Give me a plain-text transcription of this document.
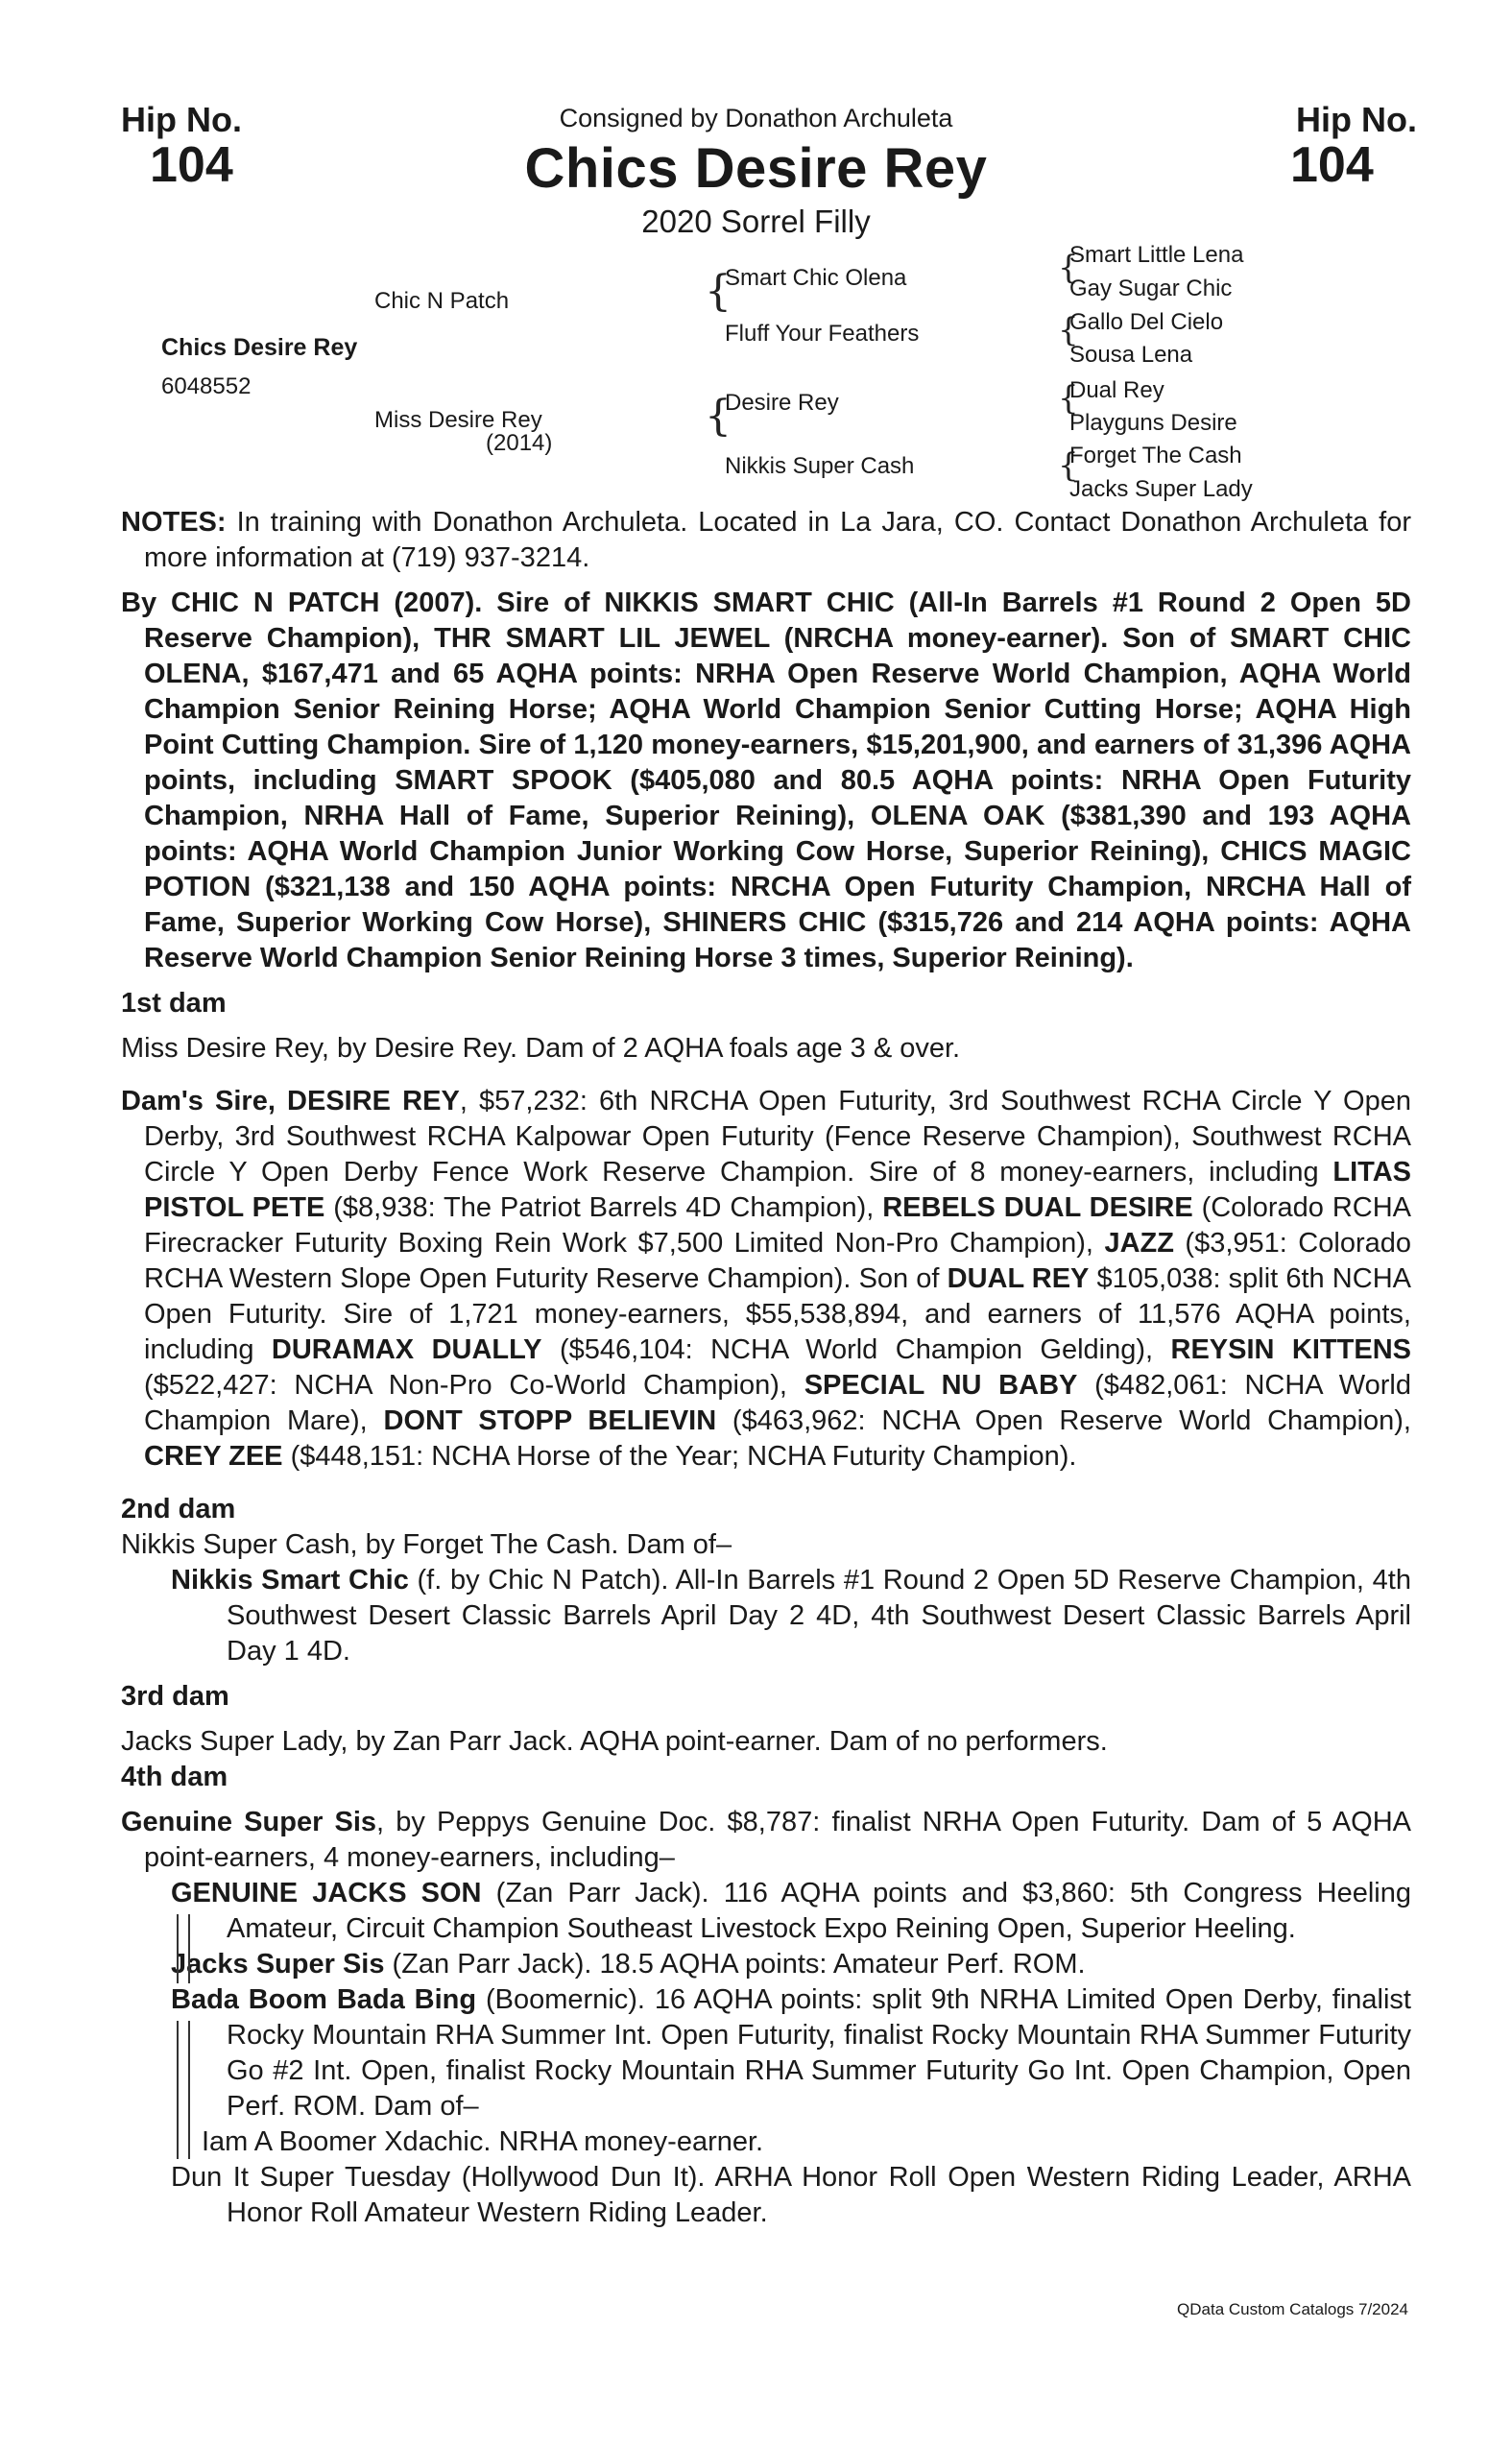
Hip No.
104
Hip No.
104
Consigned by Donathon Archuleta
Chics Desire Rey
2020 Sorrel Filly
Chics Desire Rey
6048552
Chic N Patch
Miss Desire Rey
(2014)
{
Smart Chic Olena
Fluff Your Feathers
{
Desire Rey
Nikkis Super Cash
{
Smart Little Lena
Gay Sugar Chic
{
Gallo Del Cielo
Sousa Lena
{
Dual Rey
Playguns Desire
{
Forget The Cash
Jacks Super Lady

NOTES: In training with Donathon Archuleta. Located in La Jara, CO. Contact Donathon Archuleta for more information at (719) 937-3214.

By CHIC N PATCH (2007). Sire of NIKKIS SMART CHIC (All-In Barrels #1 Round 2 Open 5D Reserve Champion), THR SMART LIL JEWEL (NRCHA money-earner). Son of SMART CHIC OLENA, $167,471 and 65 AQHA points: NRHA Open Reserve World Champion, AQHA World Champion Senior Reining Horse; AQHA World Champion Senior Cutting Horse; AQHA High Point Cutting Champion. Sire of 1,120 money-earners, $15,201,900, and earners of 31,396 AQHA points, including SMART SPOOK ($405,080 and 80.5 AQHA points: NRHA Open Futurity Champion, NRHA Hall of Fame, Superior Reining), OLENA OAK ($381,390 and 193 AQHA points: AQHA World Champion Junior Working Cow Horse, Superior Reining), CHICS MAGIC POTION ($321,138 and 150 AQHA points: NRCHA Open Futurity Champion, NRCHA Hall of Fame, Superior Working Cow Horse), SHINERS CHIC ($315,726 and 214 AQHA points: AQHA Reserve World Champion Senior Reining Horse 3 times, Superior Reining).

1st dam

Miss Desire Rey, by Desire Rey. Dam of 2 AQHA foals age 3 & over.

Dam's Sire, DESIRE REY, $57,232: 6th NRCHA Open Futurity, 3rd Southwest RCHA Circle Y Open Derby, 3rd Southwest RCHA Kalpowar Open Futurity (Fence Reserve Champion), Southwest RCHA Circle Y Open Derby Fence Work Reserve Champion. Sire of 8 money-earners, including LITAS PISTOL PETE ($8,938: The Patriot Barrels 4D Champion), REBELS DUAL DESIRE (Colorado RCHA Firecracker Futurity Boxing Rein Work $7,500 Limited Non-Pro Champion), JAZZ ($3,951: Colorado RCHA Western Slope Open Futurity Reserve Champion). Son of DUAL REY $105,038: split 6th NCHA Open Futurity. Sire of 1,721 money-earners, $55,538,894, and earners of 11,576 AQHA points, including DURAMAX DUALLY ($546,104: NCHA World Champion Gelding), REYSIN KITTENS ($522,427: NCHA Non-Pro Co-World Champion), SPECIAL NU BABY ($482,061: NCHA World Champion Mare), DONT STOPP BELIEVIN ($463,962: NCHA Open Reserve World Champion), CREY ZEE ($448,151: NCHA Horse of the Year; NCHA Futurity Champion).

2nd dam

Nikkis Super Cash, by Forget The Cash. Dam of–

Nikkis Smart Chic (f. by Chic N Patch). All-In Barrels #1 Round 2 Open 5D Reserve Champion, 4th Southwest Desert Classic Barrels April Day 2 4D, 4th Southwest Desert Classic Barrels April Day 1 4D.

3rd dam

Jacks Super Lady, by Zan Parr Jack. AQHA point-earner. Dam of no performers.

4th dam

Genuine Super Sis, by Peppys Genuine Doc. $8,787: finalist NRHA Open Futurity. Dam of 5 AQHA point-earners, 4 money-earners, including–

GENUINE JACKS SON (Zan Parr Jack). 116 AQHA points and $3,860: 5th Congress Heeling Amateur, Circuit Champion Southeast Livestock Expo Reining Open, Superior Heeling.

Jacks Super Sis (Zan Parr Jack). 18.5 AQHA points: Amateur Perf. ROM.

Bada Boom Bada Bing (Boomernic). 16 AQHA points: split 9th NRHA Limited Open Derby, finalist Rocky Mountain RHA Summer Int. Open Futurity, finalist Rocky Mountain RHA Summer Futurity Go #2 Int. Open, finalist Rocky Mountain RHA Summer Futurity Go Int. Open Champion, Open Perf. ROM. Dam of–

Iam A Boomer Xdachic. NRHA money-earner.

Dun It Super Tuesday (Hollywood Dun It). ARHA Honor Roll Open Western Riding Leader, ARHA Honor Roll Amateur Western Riding Leader.

QData Custom Catalogs 7/2024
